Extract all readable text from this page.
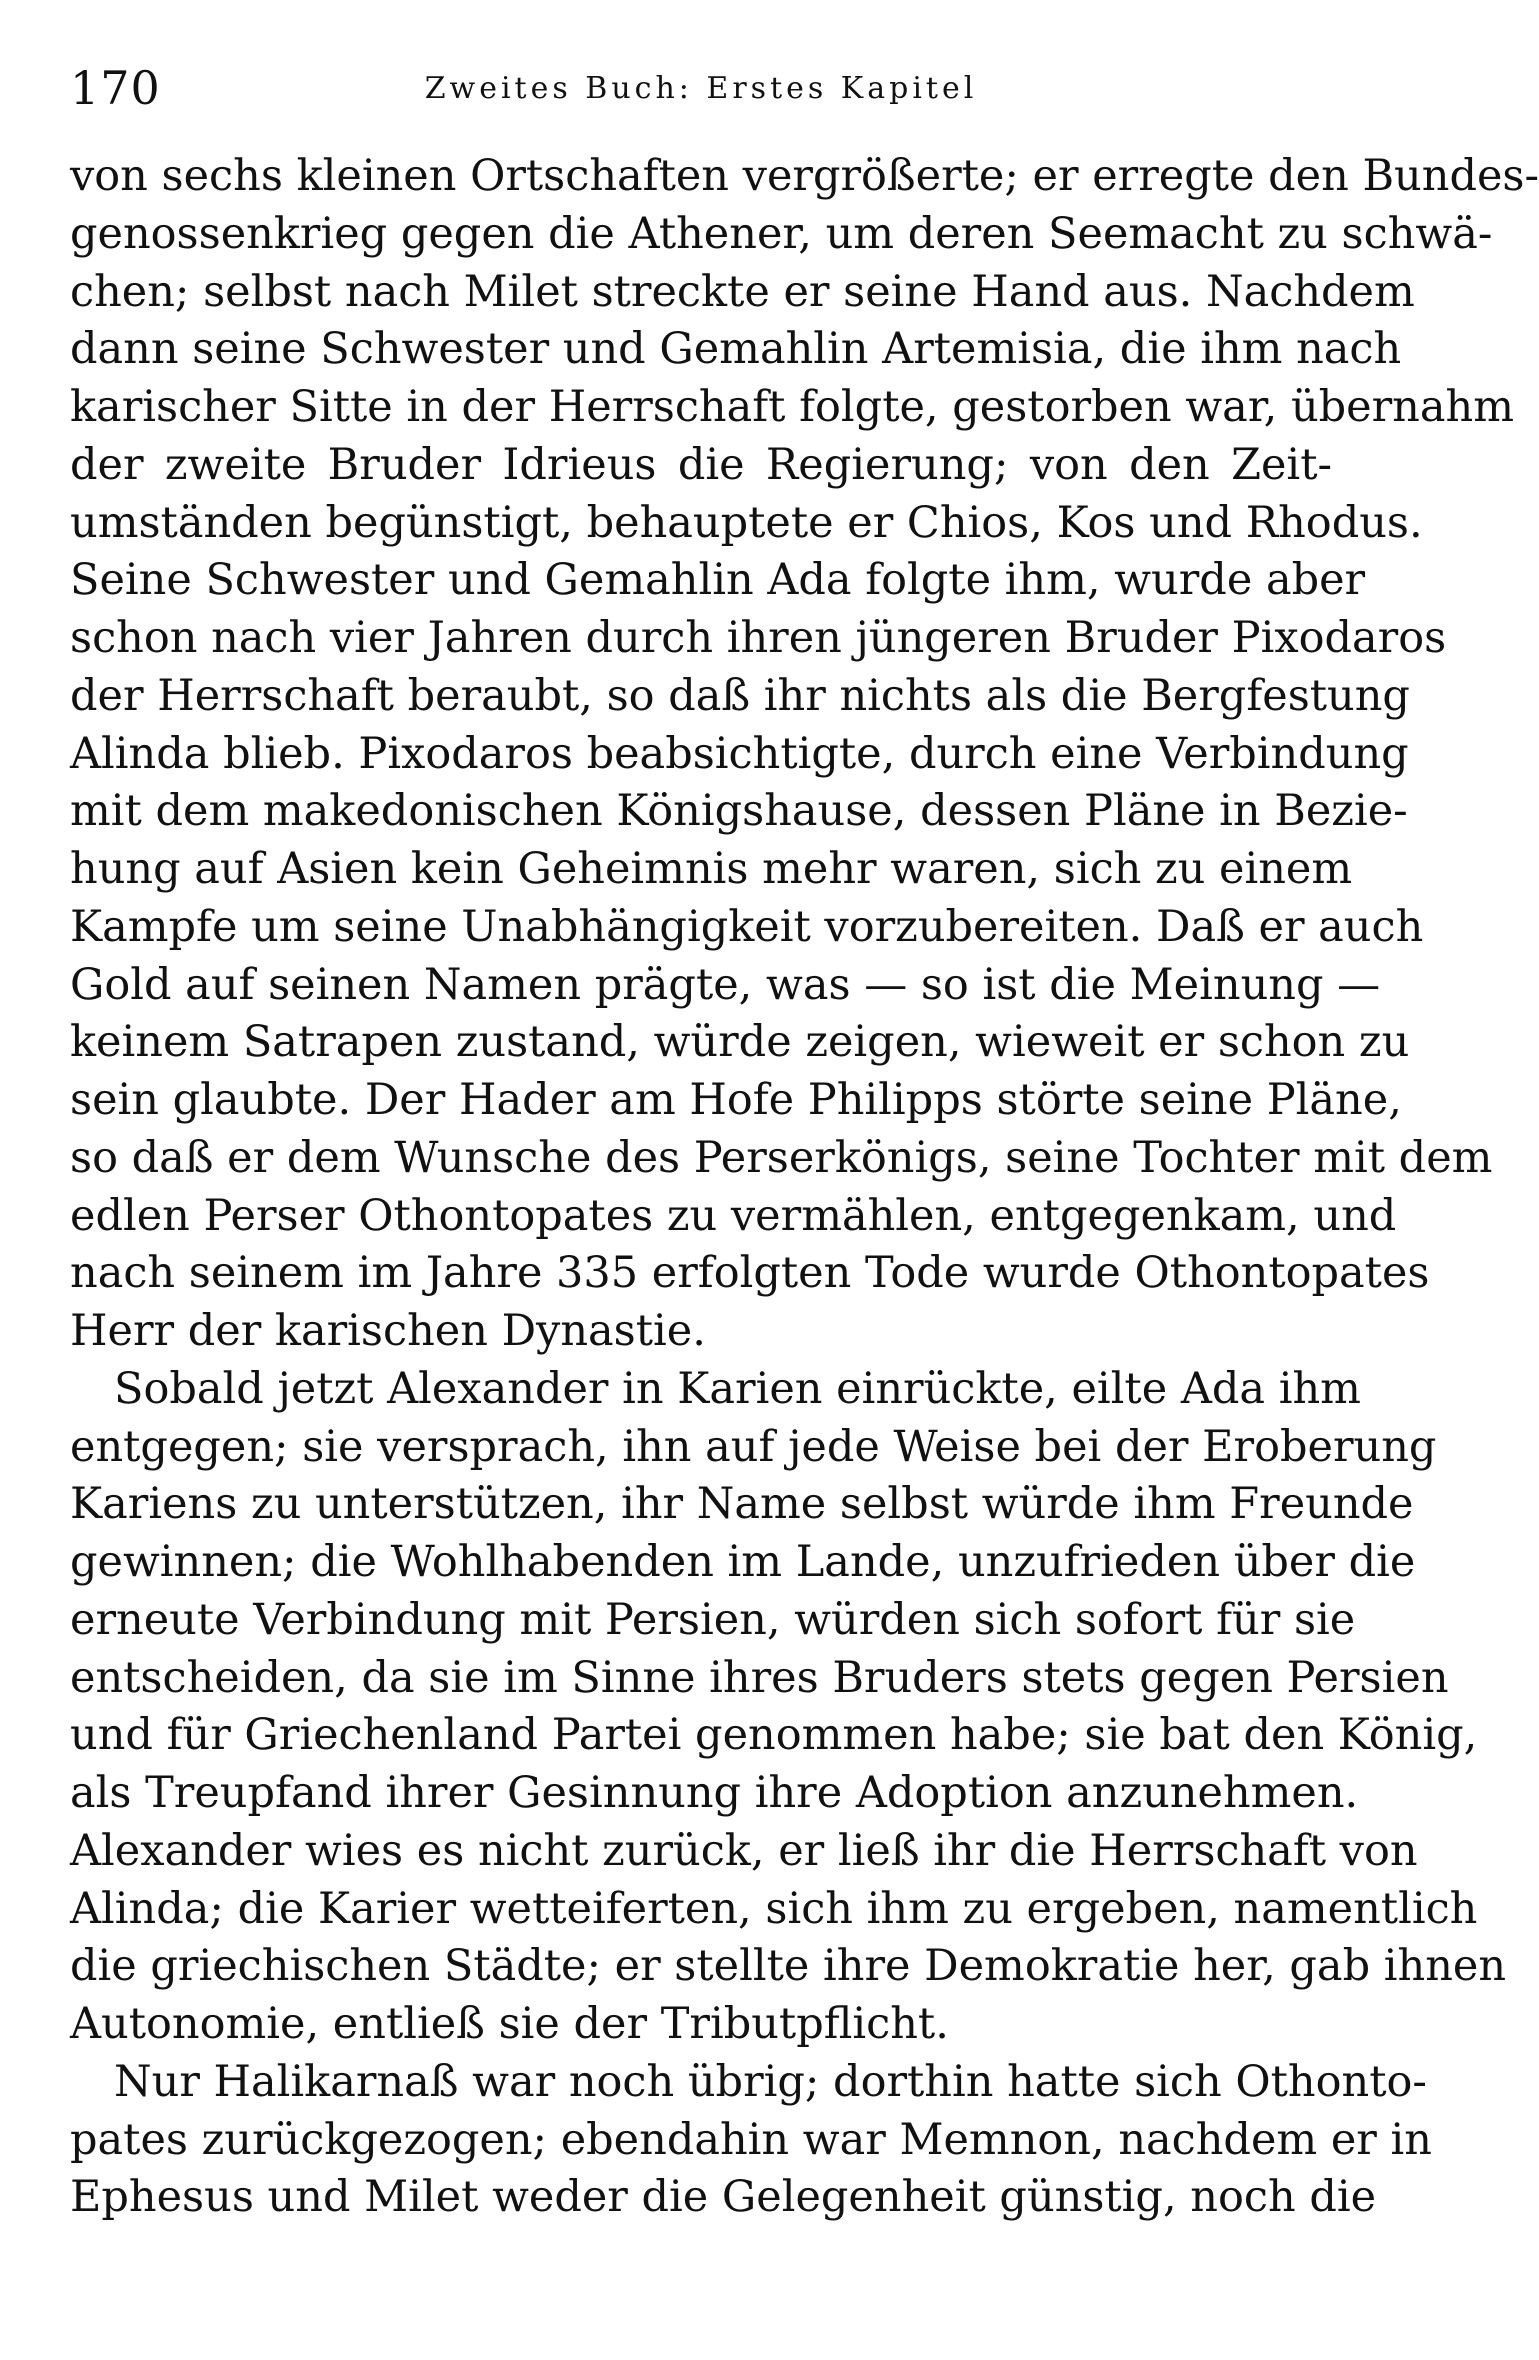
170	Zweites Buch: Erstes Kapitel
von sechs kleinen Ortschaften vergrößerte; er erregte den Bundes-
genossenkrieg gegen die Athener, um deren Seemacht zu schwä-
chen; selbst nach Milet streckte er seine Hand aus. Nachdem
dann seine Schwester und Gemahlin Artemisia, die ihm nach
karischer Sitte in der Herrschaft folgte, gestorben war, übernahm
der zweite Bruder Idrieus die Regierung; von den Zeit-
umständen begünstigt, behauptete er Chios, Kos und Rhodus.
Seine Schwester und Gemahlin Ada folgte ihm, wurde aber
schon nach vier Jahren durch ihren jüngeren Bruder Pixodaros
der Herrschaft beraubt, so daß ihr nichts als die Bergfestung
Alinda blieb. Pixodaros beabsichtigte, durch eine Verbindung
mit dem makedonischen Königshause, dessen Pläne in Bezie-
hung auf Asien kein Geheimnis mehr waren, sich zu einem
Kampfe um seine Unabhängigkeit vorzubereiten. Daß er auch
Gold auf seinen Namen prägte, was — so ist die Meinung —
keinem Satrapen zustand, würde zeigen, wieweit er schon zu
sein glaubte. Der Hader am Hofe Philipps störte seine Pläne,
so daß er dem Wunsche des Perserkönigs, seine Tochter mit dem
edlen Perser Othontopates zu vermählen, entgegenkam, und
nach seinem im Jahre 335 erfolgten Tode wurde Othontopates
Herr der karischen Dynastie.
Sobald jetzt Alexander in Karien einrückte, eilte Ada ihm
entgegen; sie versprach, ihn auf jede Weise bei der Eroberung
Kariens zu unterstützen, ihr Name selbst würde ihm Freunde
gewinnen; die Wohlhabenden im Lande, unzufrieden über die
erneute Verbindung mit Persien, würden sich sofort für sie
entscheiden, da sie im Sinne ihres Bruders stets gegen Persien
und für Griechenland Partei genommen habe; sie bat den König,
als Treupfand ihrer Gesinnung ihre Adoption anzunehmen.
Alexander wies es nicht zurück, er ließ ihr die Herrschaft von
Alinda; die Karier wetteiferten, sich ihm zu ergeben, namentlich
die griechischen Städte; er stellte ihre Demokratie her, gab ihnen
Autonomie, entließ sie der Tributpflicht.
Nur Halikarnaß war noch übrig; dorthin hatte sich Othonto-
pates zurückgezogen; ebendahin war Memnon, nachdem er in
Ephesus und Milet weder die Gelegenheit günstig, noch die
